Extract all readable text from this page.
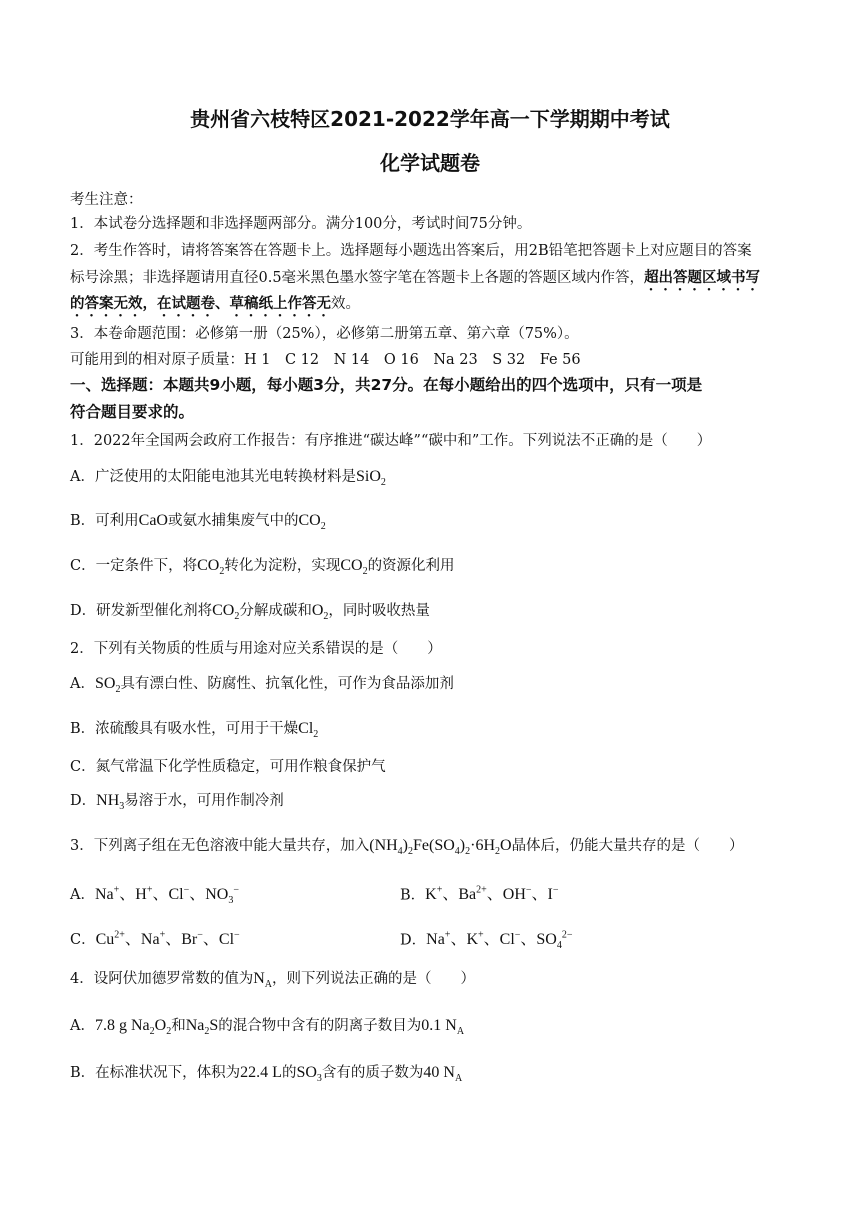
贵州省六枝特区2021-2022学年高一下学期期中考试
化学试题卷
考生注意：
1．本试卷分选择题和非选择题两部分。满分100分，考试时间75分钟。
2．考生作答时，请将答案答在答题卡上。选择题每小题选出答案后，用2B铅笔把答题卡上对应题目的答案
标号涂黑；非选择题请用直径0.5毫米黑色墨水签字笔在答题卡上各题的答题区域内作答，超出答题区域书写
的答案无效，在试题卷、草稿纸上作答无效。
3．本卷命题范围：必修第一册（25%），必修第二册第五章、第六章（75%）。
可能用到的相对原子质量：H 1　C 12　N 14　O 16　Na 23　S 32　Fe 56
一、选择题：本题共9小题，每小题3分，共27分。在每小题给出的四个选项中，只有一项是
符合题目要求的。
1．2022年全国两会政府工作报告：有序推进“碳达峰”“碳中和”工作。下列说法不正确的是（　　）
A．广泛使用的太阳能电池其光电转换材料是SiO$_2$
B．可利用CaO或氨水捕集废气中的$CO_2$
C．一定条件下，将$CO_2$转化为淀粉，实现$CO_2$的资源化利用
D．研发新型催化剂将$CO_2$分解成碳和$O_2$，同时吸收热量
2．下列有关物质的性质与用途对应关系错误的是（　　）
A．$SO_2$具有漂白性、防腐性、抗氧化性，可作为食品添加剂
B．浓硫酸具有吸水性，可用于干燥$Cl_2$
C．氮气常温下化学性质稳定，可用作粮食保护气
D．$NH_3$易溶于水，可用作制冷剂
3．下列离子组在无色溶液中能大量共存，加入$(NH_4)_2Fe(SO_4)_2\cdot 6H_2O$晶体后，仍能大量共存的是（　　）
A．Na+、H+、Cl−、$NO_3^-$	B．K+、$Ba^{2+}$、OH−、I−
C．$Cu^{2+}$、Na+、Br−、Cl−	D．Na+、K+、Cl−、$SO_4^{2-}$
4．设阿伏加德罗常数的值为$N_A$，则下列说法正确的是（　　）
A．7.8 g $Na_2O_2$和$Na_2S$的混合物中含有的阴离子数目为0.1 $N_A$
B．在标准状况下，体积为22.4 L的$SO_3$含有的质子数为40 $N_A$
